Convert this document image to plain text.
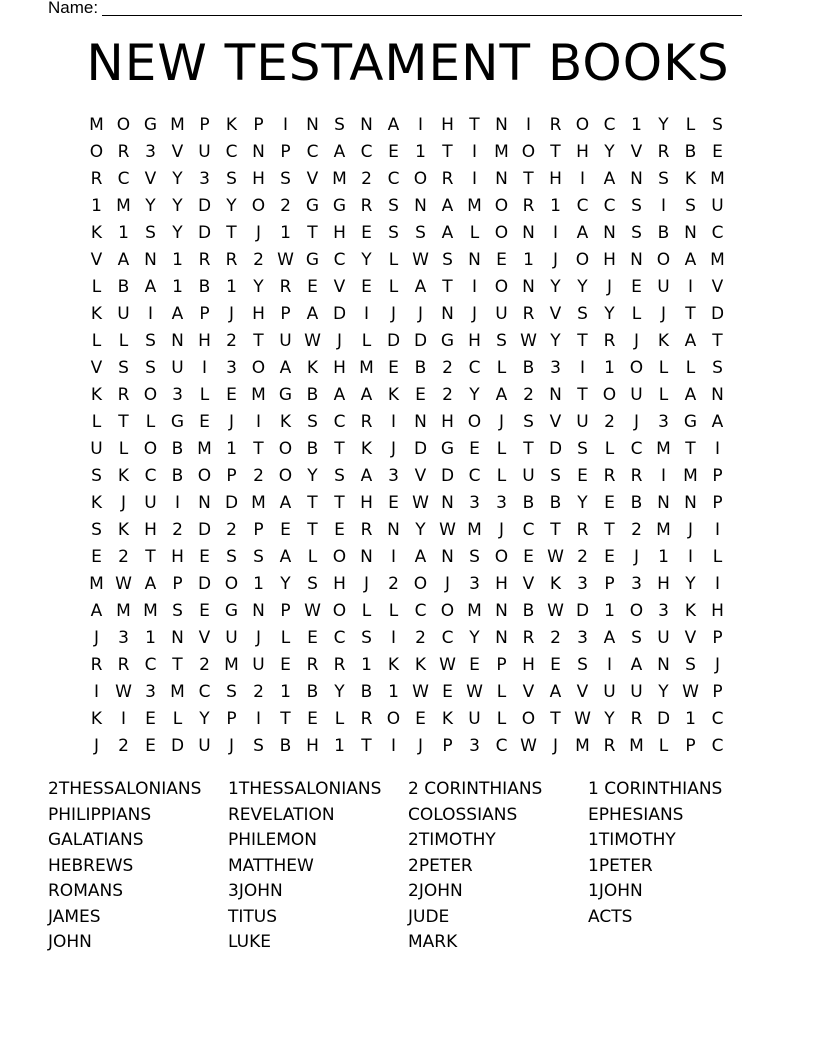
Name:
NEW TESTAMENT BOOKS
M O G M P K P	I	N S N A	I	H T N	I	R O C 1 Y	L S
O R 3 V U C N P C A C E 1 T	I	M O T H Y V R B E
R C V Y 3 S H S V M 2 C O R	I	N T H	I	A N S K M
1 M Y Y D Y O 2 G G R S N A M O R 1 C C S	I	S U
K 1 S Y D T	J	1 T H E S S A L O N	I	A N S B N C
V A N 1 R R 2 W G C Y	L W S N E 1	J	O H N O A M
L B A 1 B 1 Y R E V E L A T	I	O N Y Y	J	E U	I	V
K U	I	A P	J	H P A D	I	J	J	N	J	U R V S Y	L	J	T D
L	L S N H 2 T U W J	L D D G H S W Y T R	J	K A T
V S S U	I	3 O A K H M E B 2 C L B 3	I	1 O L	L S
K R O 3 L E M G B A A K E 2 Y A 2 N T O U L A N
L	T	L G E	J	I	K S C R	I	N H O	J	S V U 2	J	3 G A
U L O B M 1 T O B T K	J	D G E L	T D S L C M T	I
S K C B O P 2 O Y S A 3 V D C L U S E R R	I	M P
K	J	U	I	N D M A T T H E W N 3 3 B B Y E B N N P
S K H 2 D 2 P E T E R N Y W M	J	C T R T 2 M	J	I
E 2 T H E S S A L O N	I	A N S O E W 2 E	J	1	I	L
M W A P D O 1 Y S H	J	2 O	J	3 H V K 3 P 3 H Y	I
A M M S E G N P W O L	L C O M N B W D 1 O 3 K H
J	3 1 N V U	J	L E C S	I	2 C Y N R 2 3 A S U V P
R R C T 2 M U E R R 1 K K W E P H E S	I	A N S	J
I W 3 M C S 2 1 B Y B 1 W E W L V A V U U Y W P
K	I	E L	Y P	I	T E L R O E K U L O T W Y R D 1 C
J	2 E D U	J	S B H 1 T	I	J	P 3 C W J	M R M L	P C
2THESSALONIANS	1THESSALONIANS	2 CORINTHIANS	1 CORINTHIANS
PHILIPPIANS	REVELATION	COLOSSIANS	EPHESIANS
GALATIANS	PHILEMON	2TIMOTHY	1TIMOTHY
HEBREWS	MATTHEW	2PETER	1PETER
ROMANS	3JOHN	2JOHN	1JOHN
JAMES	TITUS	JUDE	ACTS
JOHN	LUKE	MARK
